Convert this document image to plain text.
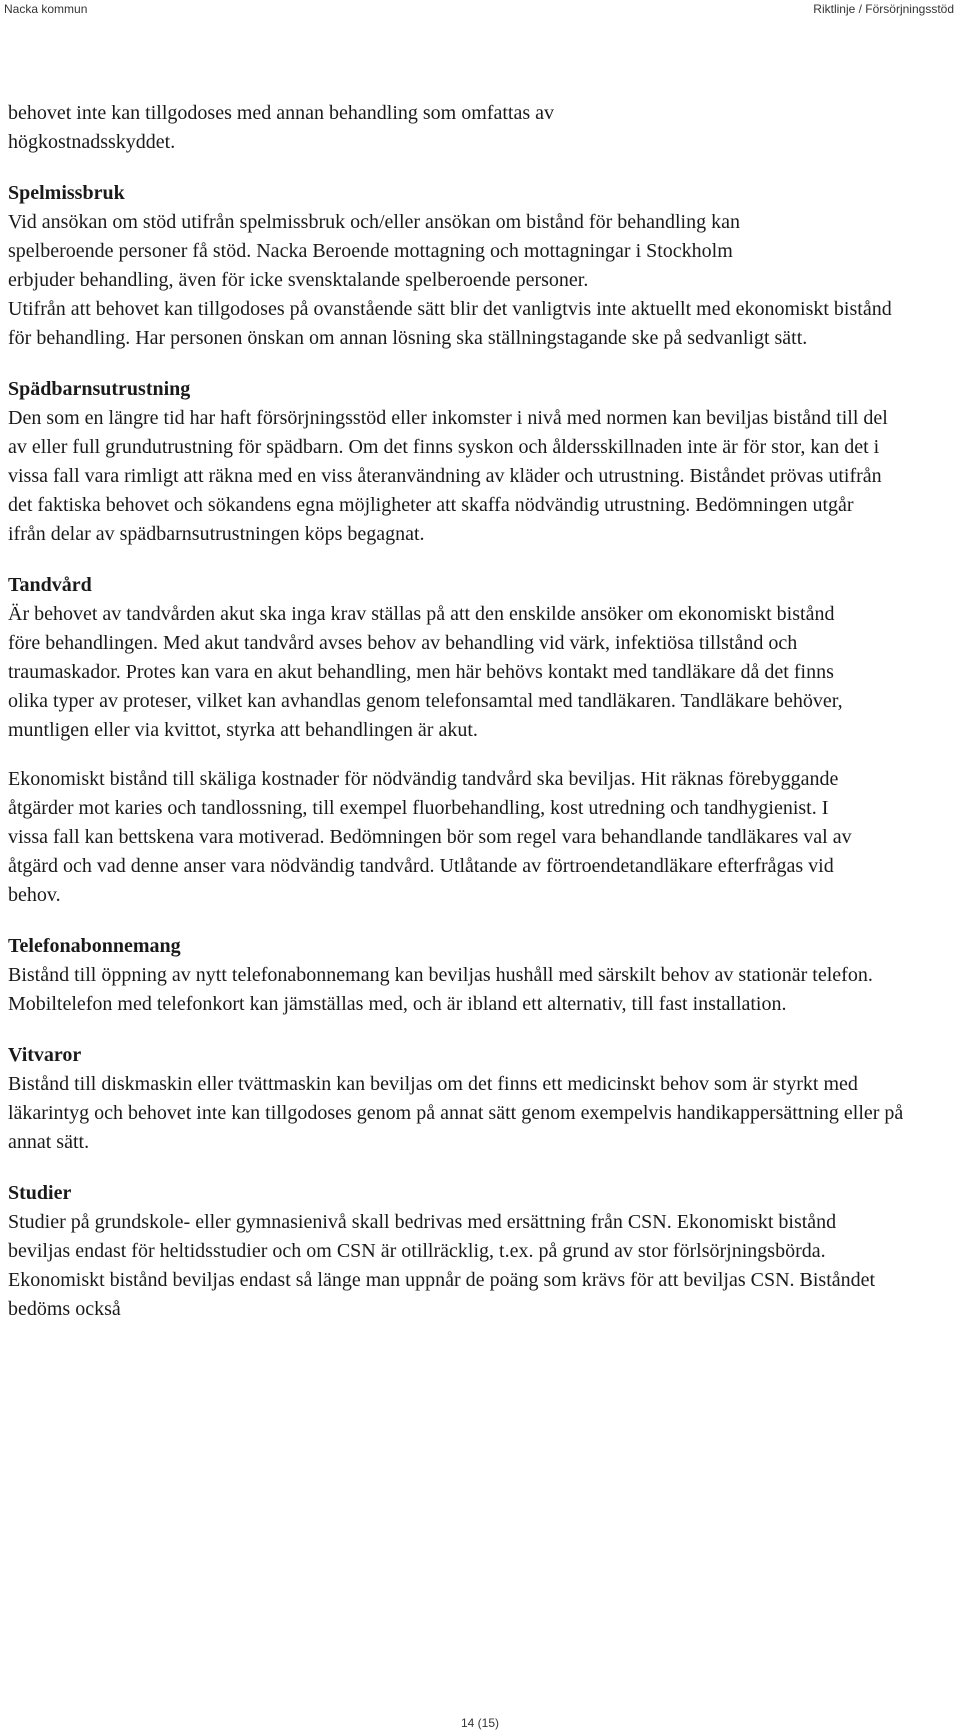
Nacka kommun	Riktlinje / Försörjningsstöd

behovet inte kan tillgodoses med annan behandling som omfattas av högkostnadsskyddet.

Spelmissbruk

Vid ansökan om stöd utifrån spelmissbruk och/eller ansökan om bistånd för behandling kan spelberoende personer få stöd. Nacka Beroende mottagning och mottagningar i Stockholm erbjuder behandling, även för icke svensktalande spelberoende personer.

Utifrån att behovet kan tillgodoses på ovanstående sätt blir det vanligtvis inte aktuellt med ekonomiskt bistånd för behandling. Har personen önskan om annan lösning ska ställningstagande ske på sedvanligt sätt.

Spädbarnsutrustning

Den som en längre tid har haft försörjningsstöd eller inkomster i nivå med normen kan beviljas bistånd till del av eller full grundutrustning för spädbarn. Om det finns syskon och åldersskillnaden inte är för stor, kan det i vissa fall vara rimligt att räkna med en viss återanvändning av kläder och utrustning. Biståndet prövas utifrån det faktiska behovet och sökandens egna möjligheter att skaffa nödvändig utrustning. Bedömningen utgår ifrån delar av spädbarnsutrustningen köps begagnat.

Tandvård

Är behovet av tandvården akut ska inga krav ställas på att den enskilde ansöker om ekonomiskt bistånd före behandlingen. Med akut tandvård avses behov av behandling vid värk, infektiösa tillstånd och traumaskador. Protes kan vara en akut behandling, men här behövs kontakt med tandläkare då det finns olika typer av proteser, vilket kan avhandlas genom telefonsamtal med tandläkaren. Tandläkare behöver, muntligen eller via kvittot, styrka att behandlingen är akut.

Ekonomiskt bistånd till skäliga kostnader för nödvändig tandvård ska beviljas. Hit räknas förebyggande åtgärder mot karies och tandlossning, till exempel fluorbehandling, kost utredning och tandhygienist. I vissa fall kan bettskena vara motiverad. Bedömningen bör som regel vara behandlande tandläkares val av åtgärd och vad denne anser vara nödvändig tandvård. Utlåtande av förtroendetandläkare efterfrågas vid behov.

Telefonabonnemang

Bistånd till öppning av nytt telefonabonnemang kan beviljas hushåll med särskilt behov av stationär telefon. Mobiltelefon med telefonkort kan jämställas med, och är ibland ett alternativ, till fast installation.

Vitvaror

Bistånd till diskmaskin eller tvättmaskin kan beviljas om det finns ett medicinskt behov som är styrkt med läkarintyg och behovet inte kan tillgodoses genom på annat sätt genom exempelvis handikappersättning eller på annat sätt.

Studier

Studier på grundskole- eller gymnasienivå skall bedrivas med ersättning från CSN. Ekonomiskt bistånd beviljas endast för heltidsstudier och om CSN är otillräcklig, t.ex. på grund av stor förlsörjningsbörda. Ekonomiskt bistånd beviljas endast så länge man uppnår de poäng som krävs för att beviljas CSN. Biståndet bedöms också

14 (15)
